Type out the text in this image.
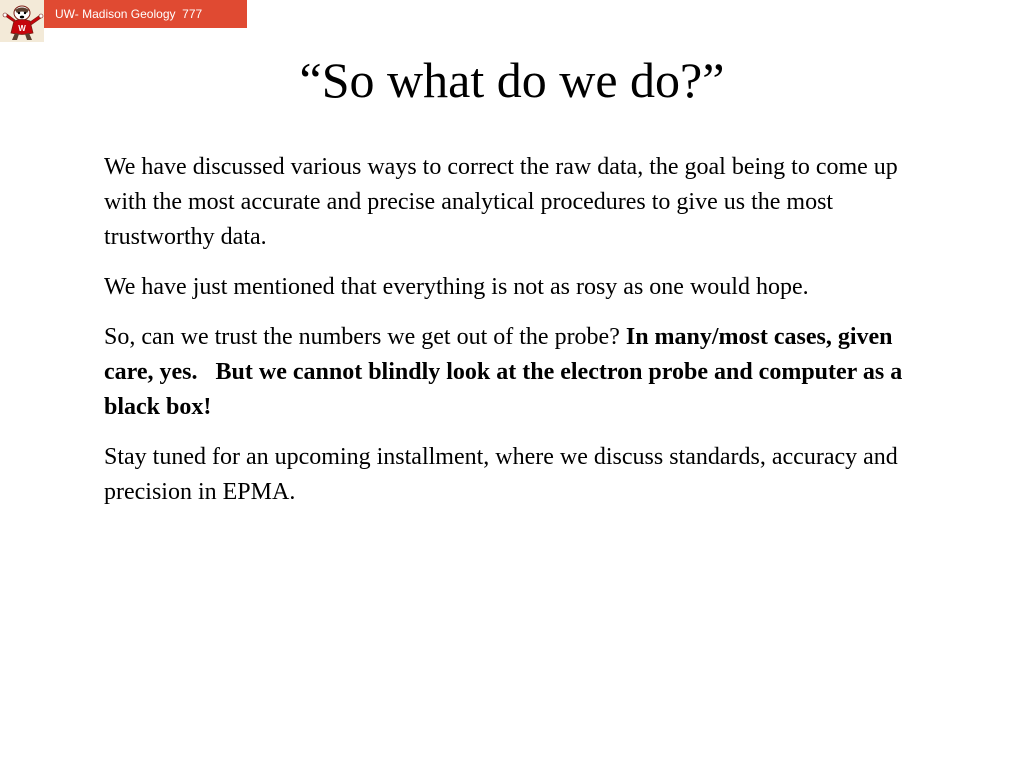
W
UW- Madison Geology  777
“So what do we do?”

We have discussed various ways to correct the raw data, the goal being to come up with the most accurate and precise analytical procedures to give us the most trustworthy data.

We have just mentioned that everything is not as rosy as one would hope.

So, can we trust the numbers we get out of the probe? In many/most cases, given care, yes.   But we cannot blindly look at the electron probe and computer as a black box!

Stay tuned for an upcoming installment, where we discuss standards, accuracy and precision in EPMA.
